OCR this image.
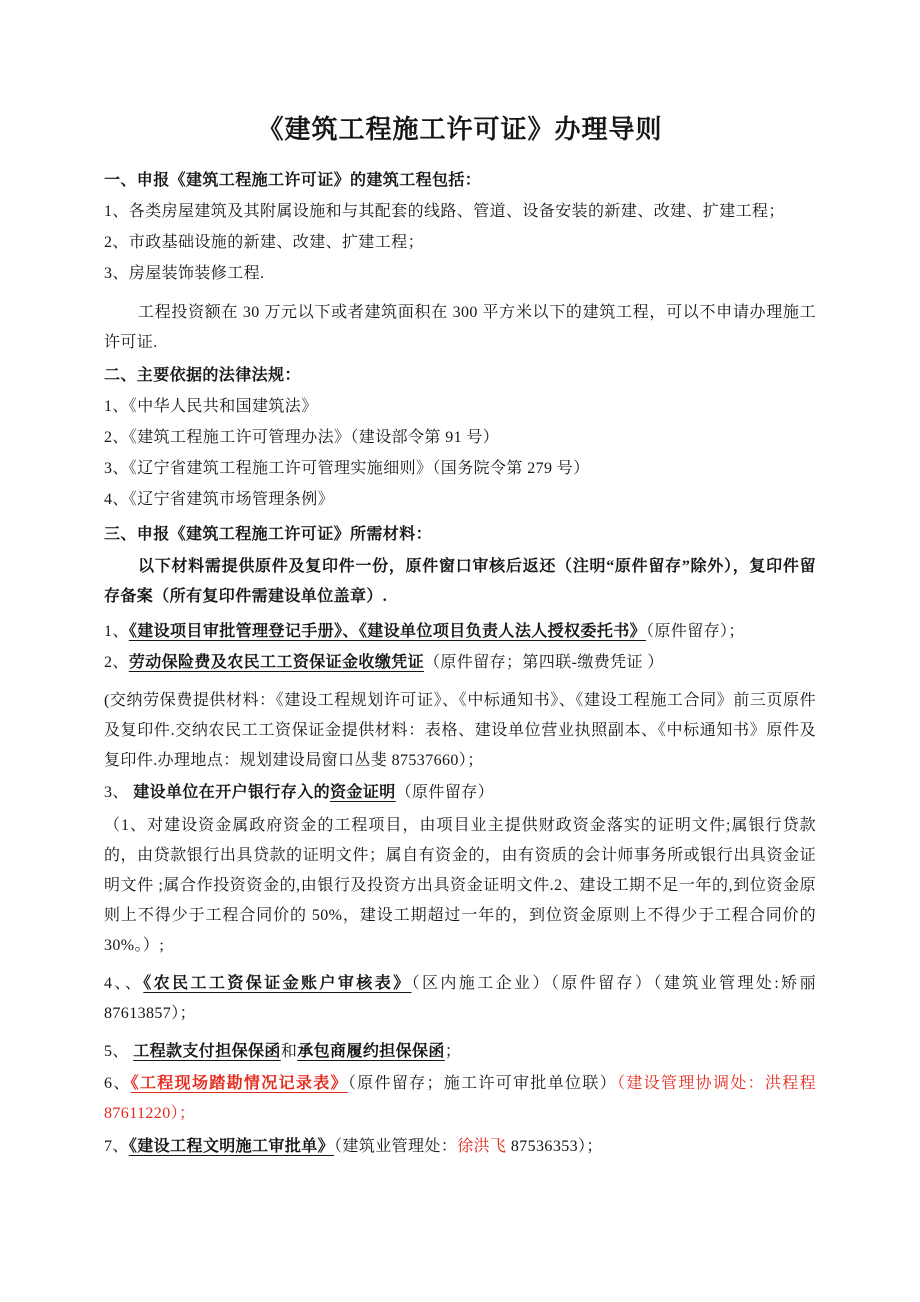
《建筑工程施工许可证》办理导则

一、申报《建筑工程施工许可证》的建筑工程包括：

1、各类房屋建筑及其附属设施和与其配套的线路、管道、设备安装的新建、改建、扩建工程；

2、市政基础设施的新建、改建、扩建工程；

3、房屋装饰装修工程.

工程投资额在 30 万元以下或者建筑面积在 300 平方米以下的建筑工程，可以不申请办理施工许可证.

二、主要依据的法律法规：

1、《中华人民共和国建筑法》

2、《建筑工程施工许可管理办法》（建设部令第 91 号）

3、《辽宁省建筑工程施工许可管理实施细则》（国务院令第 279 号）

4、《辽宁省建筑市场管理条例》

三、申报《建筑工程施工许可证》所需材料：

以下材料需提供原件及复印件一份，原件窗口审核后返还（注明“原件留存”除外），复印件留存备案（所有复印件需建设单位盖章）.

1、《建设项目审批管理登记手册》、《建设单位项目负责人法人授权委托书》（原件留存）；

2、劳动保险费及农民工工资保证金收缴凭证（原件留存；第四联-缴费凭证 ）

(交纳劳保费提供材料：《建设工程规划许可证》、《中标通知书》、《建设工程施工合同》前三页原件及复印件.交纳农民工工资保证金提供材料：表格、建设单位营业执照副本、《中标通知书》原件及复印件.办理地点：规划建设局窗口丛斐 87537660）；

3、 建设单位在开户银行存入的资金证明（原件留存）

（1、对建设资金属政府资金的工程项目，由项目业主提供财政资金落实的证明文件;属银行贷款的，由贷款银行出具贷款的证明文件；属自有资金的，由有资质的会计师事务所或银行出具资金证明文件 ;属合作投资资金的,由银行及投资方出具资金证明文件.2、建设工期不足一年的,到位资金原则上不得少于工程合同价的 50%，建设工期超过一年的，到位资金原则上不得少于工程合同价的 30%。）;

4、、《农民工工资保证金账户审核表》（区内施工企业）（原件留存）（建筑业管理处:矫丽 87613857）；

5、 工程款支付担保保函和承包商履约担保保函；

6、《工程现场踏勘情况记录表》（原件留存；施工许可审批单位联）（建设管理协调处：洪程程 87611220）；

7、《建设工程文明施工审批单》（建筑业管理处：徐洪飞 87536353）；
